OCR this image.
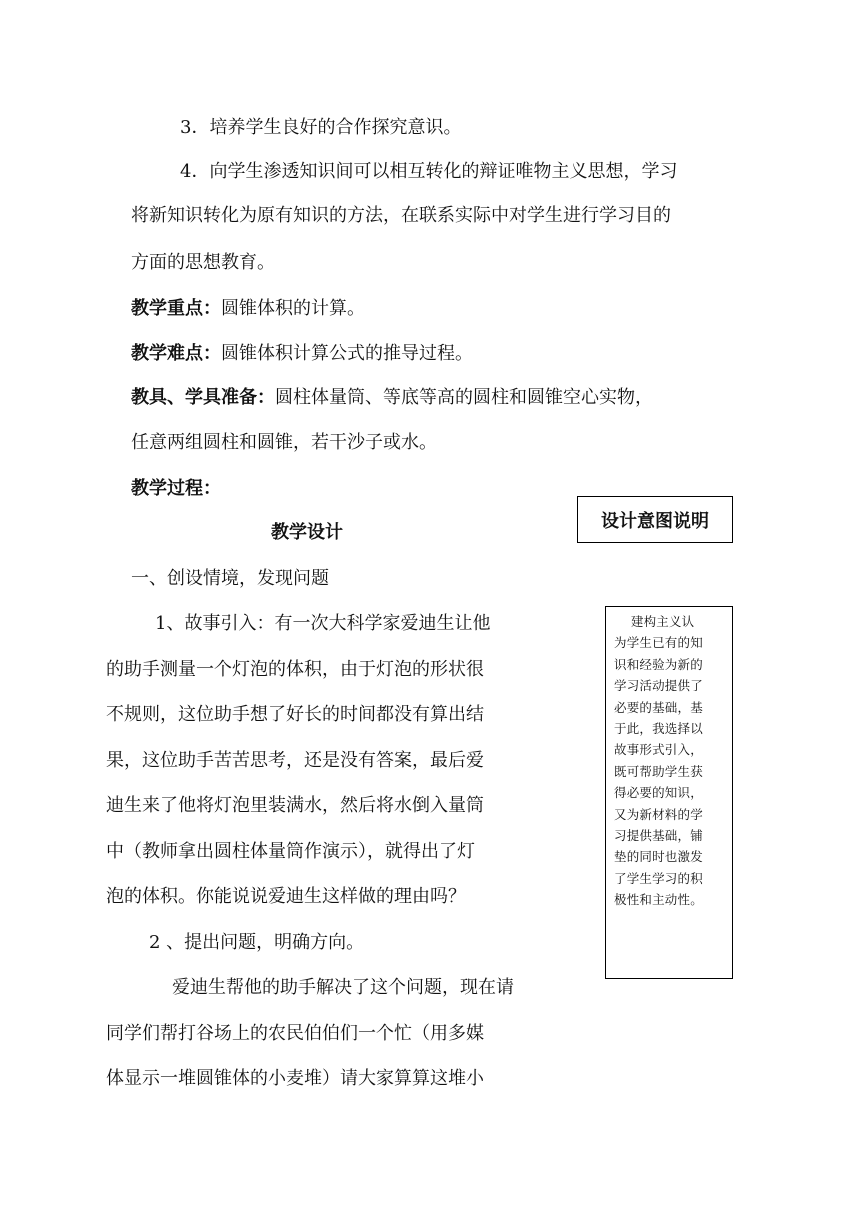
3．培养学生良好的合作探究意识。
4．向学生渗透知识间可以相互转化的辩证唯物主义思想，学习
将新知识转化为原有知识的方法，在联系实际中对学生进行学习目的
方面的思想教育。
教学重点：圆锥体积的计算。
教学难点：圆锥体积计算公式的推导过程。
教具、学具准备：圆柱体量筒、等底等高的圆柱和圆锥空心实物，
任意两组圆柱和圆锥，若干沙子或水。
教学过程：
设计意图说明
教学设计
一、创设情境，发现问题
1、故事引入：有一次大科学家爱迪生让他
的助手测量一个灯泡的体积，由于灯泡的形状很
不规则，这位助手想了好长的时间都没有算出结
果，这位助手苦苦思考，还是没有答案，最后爱
迪生来了他将灯泡里装满水，然后将水倒入量筒
中（教师拿出圆柱体量筒作演示），就得出了灯
泡的体积。你能说说爱迪生这样做的理由吗？
2 、提出问题，明确方向。
爱迪生帮他的助手解决了这个问题，现在请
同学们帮打谷场上的农民伯伯们一个忙（用多媒
体显示一堆圆锥体的小麦堆）请大家算算这堆小
　 建构主义认
为学生已有的知
识和经验为新的
学习活动提供了
必要的基础，基
于此，我选择以
故事形式引入，
既可帮助学生获
得必要的知识，
又为新材料的学
习提供基础，铺
垫的同时也激发
了学生学习的积
极性和主动性。
